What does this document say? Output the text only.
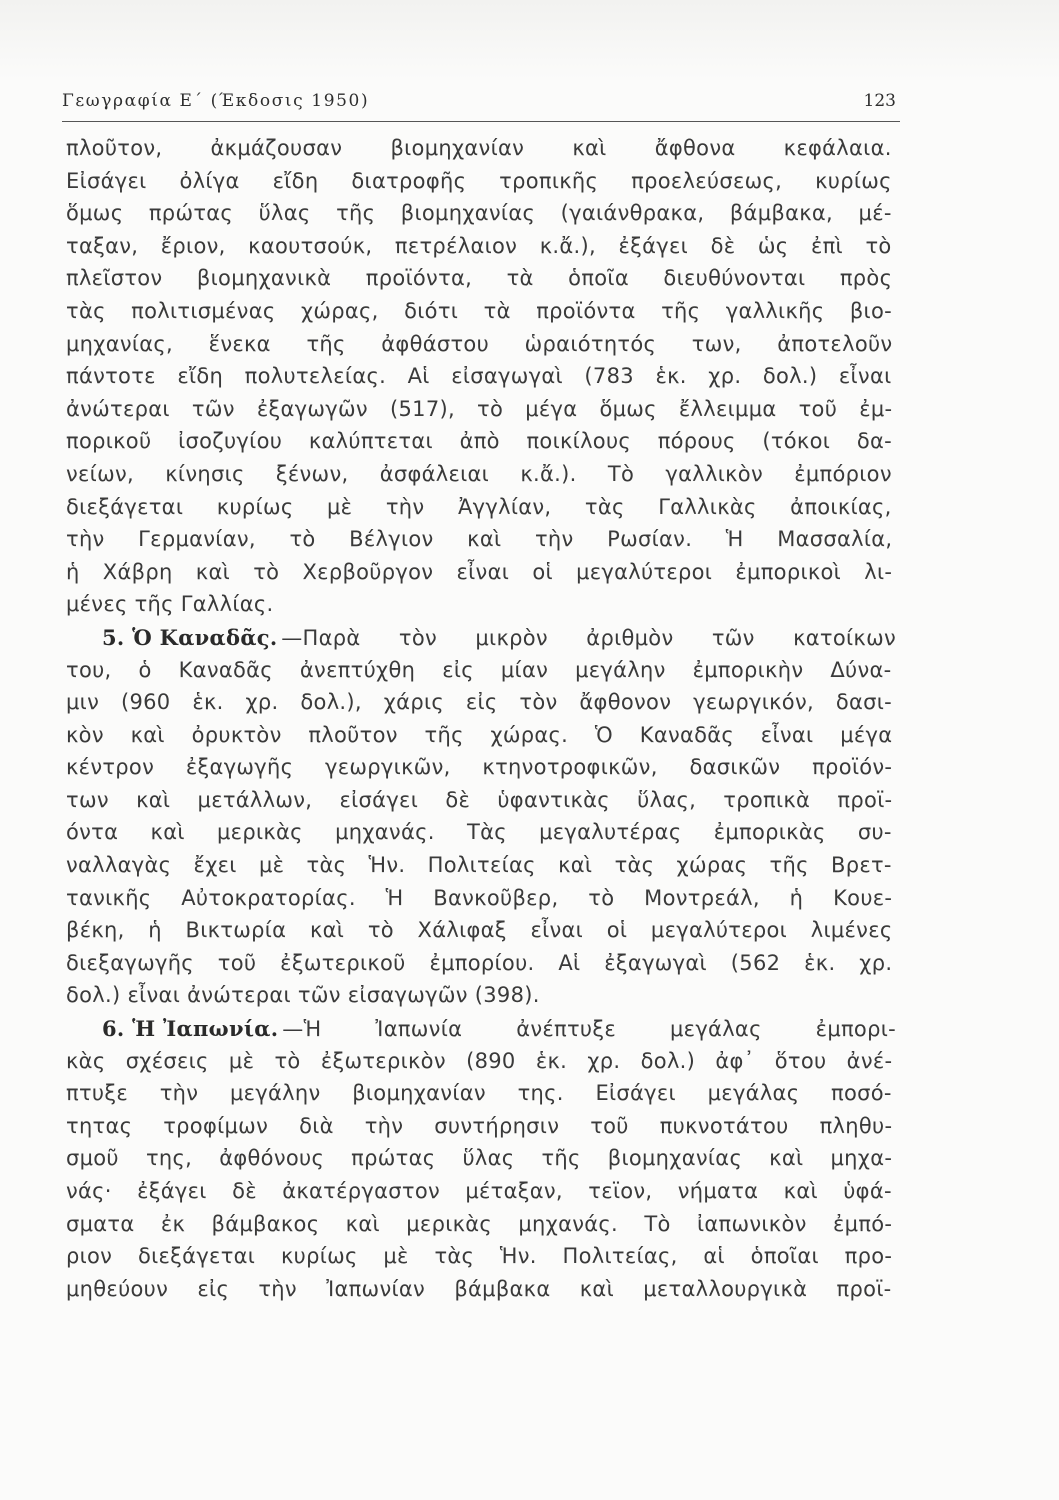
Γεωγραφία Ε΄ (Έκδοσις 1950)	123
πλοῦτον, ἀκμάζουσαν βιομηχανίαν καὶ ἄφθονα κεφάλαια.
Εἰσάγει ὀλίγα εἴδη διατροφῆς τροπικῆς προελεύσεως, κυρίως
ὅμως πρώτας ὕλας τῆς βιομηχανίας (γαιάνθρακα, βάμβακα, μέ-
ταξαν, ἔριον, καουτσούκ, πετρέλαιον κ.ἄ.), ἐξάγει δὲ ὡς ἐπὶ τὸ
πλεῖστον βιομηχανικὰ προϊόντα, τὰ ὁποῖα διευθύνονται πρὸς
τὰς πολιτισμένας χώρας, διότι τὰ προϊόντα τῆς γαλλικῆς βιο-
μηχανίας, ἕνεκα τῆς ἀφθάστου ὡραιότητός των, ἀποτελοῦν
πάντοτε εἴδη πολυτελείας. Αἱ εἰσαγωγαὶ (783 ἑκ. χρ. δολ.) εἶναι
ἀνώτεραι τῶν ἐξαγωγῶν (517), τὸ μέγα ὅμως ἔλλειμμα τοῦ ἐμ-
πορικοῦ ἰσοζυγίου καλύπτεται ἀπὸ ποικίλους πόρους (τόκοι δα-
νείων, κίνησις ξένων, ἀσφάλειαι κ.ἄ.). Τὸ γαλλικὸν ἐμπόριον
διεξάγεται κυρίως μὲ τὴν Ἀγγλίαν, τὰς Γαλλικὰς ἀποικίας,
τὴν Γερμανίαν, τὸ Βέλγιον καὶ τὴν Ρωσίαν. Ἡ Μασσαλία,
ἡ Χάβρη καὶ τὸ Χερβοῦργον εἶναι οἱ μεγαλύτεροι ἐμπορικοὶ λι-
μένες τῆς Γαλλίας.
5. Ὁ Καναδᾶς. —Παρὰ τὸν μικρὸν ἀριθμὸν τῶν κατοίκων
του, ὁ Καναδᾶς ἀνεπτύχθη εἰς μίαν μεγάλην ἐμπορικὴν Δύνα-
μιν (960 ἑκ. χρ. δολ.), χάρις εἰς τὸν ἄφθονον γεωργικόν, δασι-
κὸν καὶ ὀρυκτὸν πλοῦτον τῆς χώρας. Ὁ Καναδᾶς εἶναι μέγα
κέντρον ἐξαγωγῆς γεωργικῶν, κτηνοτροφικῶν, δασικῶν προϊόν-
των καὶ μετάλλων, εἰσάγει δὲ ὑφαντικὰς ὕλας, τροπικὰ προϊ-
όντα καὶ μερικὰς μηχανάς. Τὰς μεγαλυτέρας ἐμπορικὰς συ-
ναλλαγὰς ἔχει μὲ τὰς Ἡν. Πολιτείας καὶ τὰς χώρας τῆς Βρετ-
τανικῆς Αὐτοκρατορίας. Ἡ Βανκοῦβερ, τὸ Μοντρεάλ, ἡ Κουε-
βέκη, ἡ Βικτωρία καὶ τὸ Χάλιφαξ εἶναι οἱ μεγαλύτεροι λιμένες
διεξαγωγῆς τοῦ ἐξωτερικοῦ ἐμπορίου. Αἱ ἐξαγωγαὶ (562 ἑκ. χρ.
δολ.) εἶναι ἀνώτεραι τῶν εἰσαγωγῶν (398).
6. Ἡ Ἰαπωνία. —Ἡ Ἰαπωνία ἀνέπτυξε μεγάλας ἐμπορι-
κὰς σχέσεις μὲ τὸ ἐξωτερικὸν (890 ἑκ. χρ. δολ.) ἀφ᾽ ὅτου ἀνέ-
πτυξε τὴν μεγάλην βιομηχανίαν της. Εἰσάγει μεγάλας ποσό-
τητας τροφίμων διὰ τὴν συντήρησιν τοῦ πυκνοτάτου πληθυ-
σμοῦ της, ἀφθόνους πρώτας ὕλας τῆς βιομηχανίας καὶ μηχα-
νάς· ἐξάγει δὲ ἀκατέργαστον μέταξαν, τεϊον, νήματα καὶ ὑφά-
σματα ἐκ βάμβακος καὶ μερικὰς μηχανάς. Τὸ ἰαπωνικὸν ἐμπό-
ριον διεξάγεται κυρίως μὲ τὰς Ἡν. Πολιτείας, αἱ ὁποῖαι προ-
μηθεύουν εἰς τὴν Ἰαπωνίαν βάμβακα καὶ μεταλλουργικὰ προϊ-
